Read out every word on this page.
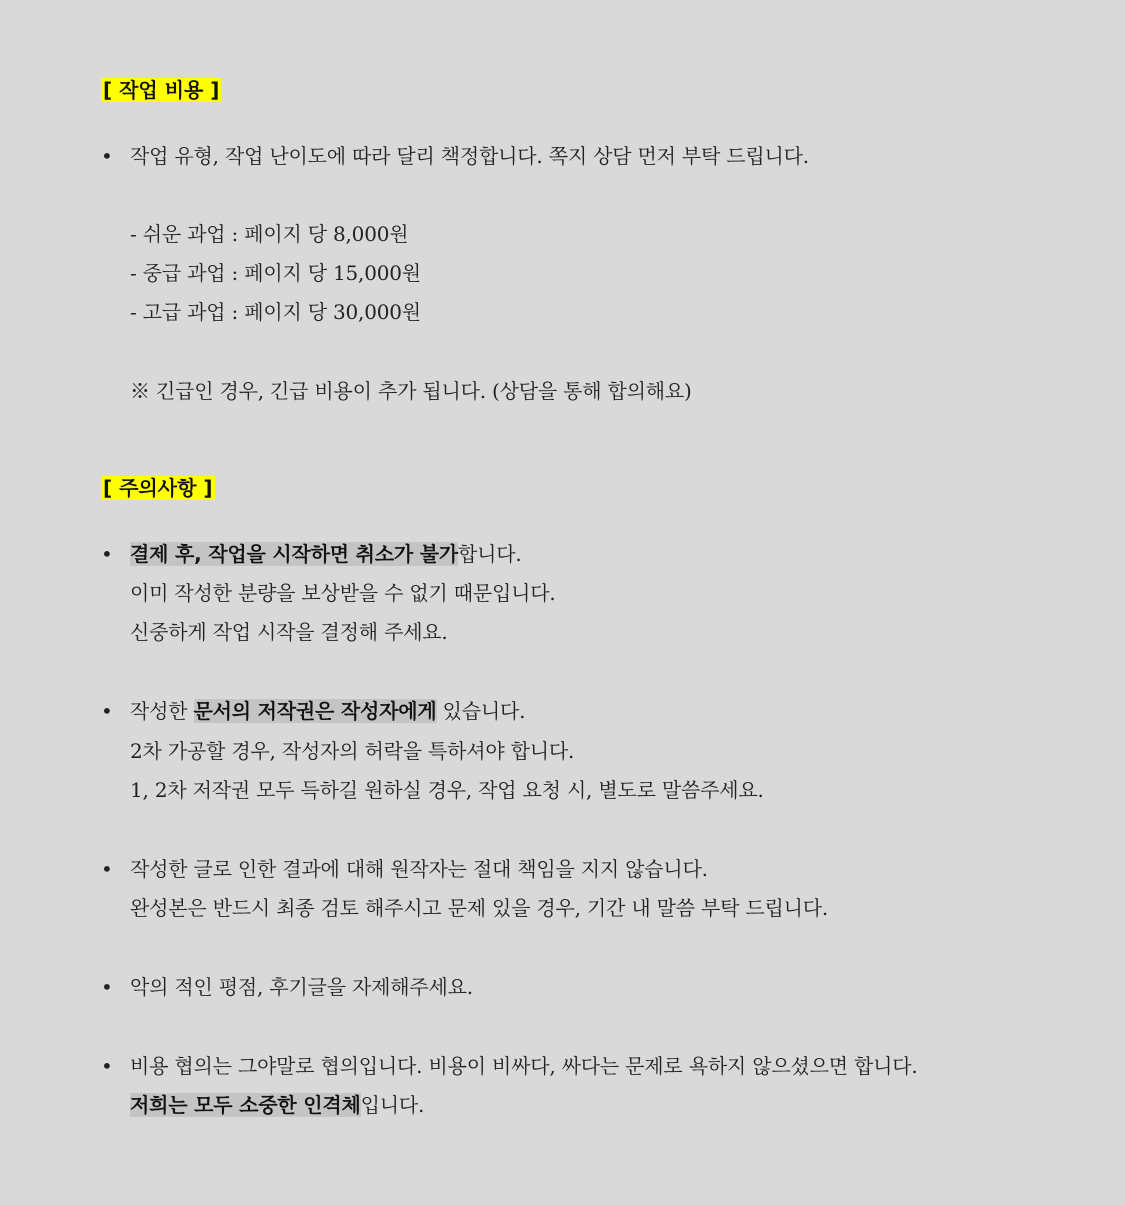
[ 작업 비용 ]
• 작업 유형, 작업 난이도에 따라 달리 책정합니다. 쪽지 상담 먼저 부탁 드립니다.
- 쉬운 과업 : 페이지 당 8,000원
- 중급 과업 : 페이지 당 15,000원
- 고급 과업 : 페이지 당 30,000원
※ 긴급인 경우, 긴급 비용이 추가 됩니다. (상담을 통해 합의해요)
[ 주의사항 ]
• 결제 후, 작업을 시작하면 취소가 불가합니다.
이미 작성한 분량을 보상받을 수 없기 때문입니다.
신중하게 작업 시작을 결정해 주세요.
• 작성한 문서의 저작권은 작성자에게 있습니다.
2차 가공할 경우, 작성자의 허락을 특하셔야 합니다.
1, 2차 저작권 모두 득하길 원하실 경우, 작업 요청 시, 별도로 말씀주세요.
• 작성한 글로 인한 결과에 대해 원작자는 절대 책임을 지지 않습니다.
완성본은 반드시 최종 검토 해주시고 문제 있을 경우, 기간 내 말씀 부탁 드립니다.
• 악의 적인 평점, 후기글을 자제해주세요.
• 비용 협의는 그야말로 협의입니다. 비용이 비싸다, 싸다는 문제로 욕하지 않으셨으면 합니다.
저희는 모두 소중한 인격체입니다.
